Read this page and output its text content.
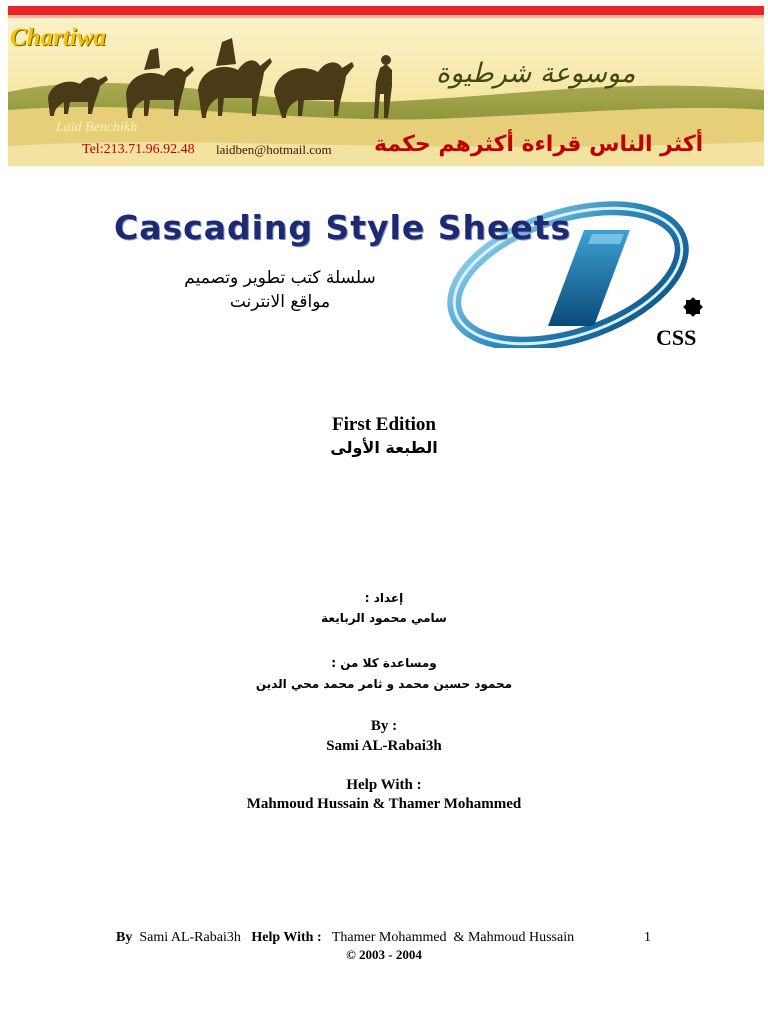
Chartiwa
موسوعة شرطيوة
Laid Benchikh
Tel:213.71.96.92.48 laidben@hotmail.com أكثر الناس قراءة أكثرهم حكمة
Cascading Style Sheets
سلسلة كتب تطوير وتصميم
مواقع الانترنت
CSS
First Edition
الطبعة الأولى
إعداد :
سامي محمود الربايعة
ومساعدة كلا من :
محمود حسين محمد و ثامر محمد محي الدين
By :
Sami AL-Rabai3h
Help With :
Mahmoud Hussain & Thamer Mohammed
By Sami AL-Rabai3h Help With : Thamer Mohammed  & Mahmoud Hussain	1
© 2003 - 2004
